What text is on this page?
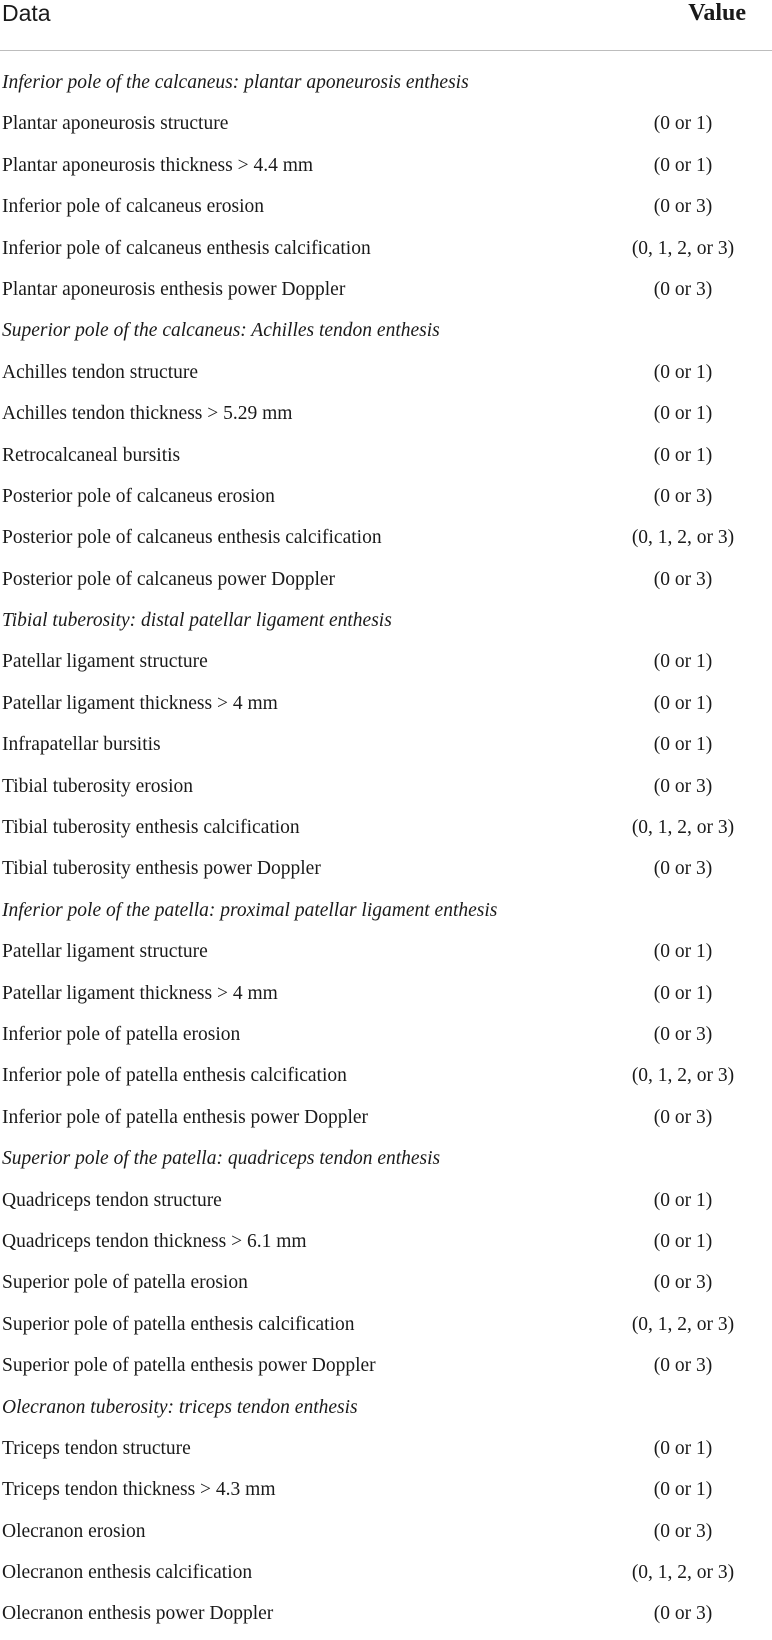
Data	Value
Inferior pole of the calcaneus: plantar aponeurosis enthesis
Plantar aponeurosis structure	(0 or 1)
Plantar aponeurosis thickness > 4.4 mm	(0 or 1)
Inferior pole of calcaneus erosion	(0 or 3)
Inferior pole of calcaneus enthesis calcification	(0, 1, 2, or 3)
Plantar aponeurosis enthesis power Doppler	(0 or 3)
Superior pole of the calcaneus: Achilles tendon enthesis
Achilles tendon structure	(0 or 1)
Achilles tendon thickness > 5.29 mm	(0 or 1)
Retrocalcaneal bursitis	(0 or 1)
Posterior pole of calcaneus erosion	(0 or 3)
Posterior pole of calcaneus enthesis calcification	(0, 1, 2, or 3)
Posterior pole of calcaneus power Doppler	(0 or 3)
Tibial tuberosity: distal patellar ligament enthesis
Patellar ligament structure	(0 or 1)
Patellar ligament thickness > 4 mm	(0 or 1)
Infrapatellar bursitis	(0 or 1)
Tibial tuberosity erosion	(0 or 3)
Tibial tuberosity enthesis calcification	(0, 1, 2, or 3)
Tibial tuberosity enthesis power Doppler	(0 or 3)
Inferior pole of the patella: proximal patellar ligament enthesis
Patellar ligament structure	(0 or 1)
Patellar ligament thickness > 4 mm	(0 or 1)
Inferior pole of patella erosion	(0 or 3)
Inferior pole of patella enthesis calcification	(0, 1, 2, or 3)
Inferior pole of patella enthesis power Doppler	(0 or 3)
Superior pole of the patella: quadriceps tendon enthesis
Quadriceps tendon structure	(0 or 1)
Quadriceps tendon thickness > 6.1 mm	(0 or 1)
Superior pole of patella erosion	(0 or 3)
Superior pole of patella enthesis calcification	(0, 1, 2, or 3)
Superior pole of patella enthesis power Doppler	(0 or 3)
Olecranon tuberosity: triceps tendon enthesis
Triceps tendon structure	(0 or 1)
Triceps tendon thickness > 4.3 mm	(0 or 1)
Olecranon erosion	(0 or 3)
Olecranon enthesis calcification	(0, 1, 2, or 3)
Olecranon enthesis power Doppler	(0 or 3)
